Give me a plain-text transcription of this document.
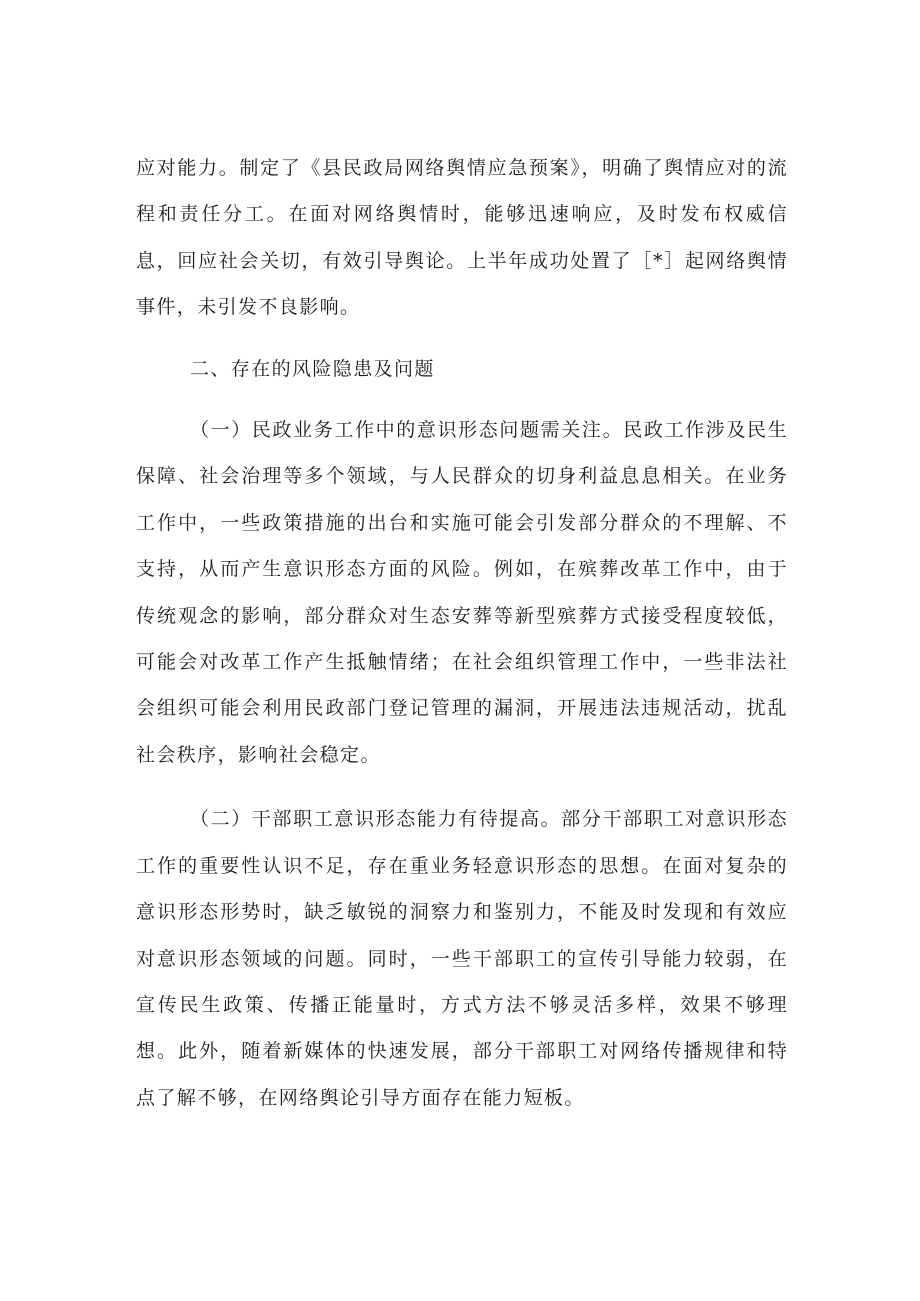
应对能力。制定了《县民政局网络舆情应急预案》，明确了舆情应对的流程和责任分工。在面对网络舆情时，能够迅速响应，及时发布权威信息，回应社会关切，有效引导舆论。上半年成功处置了［*］起网络舆情事件，未引发不良影响。

二、存在的风险隐患及问题

（一）民政业务工作中的意识形态问题需关注。民政工作涉及民生保障、社会治理等多个领域，与人民群众的切身利益息息相关。在业务工作中，一些政策措施的出台和实施可能会引发部分群众的不理解、不支持，从而产生意识形态方面的风险。例如，在殡葬改革工作中，由于传统观念的影响，部分群众对生态安葬等新型殡葬方式接受程度较低，可能会对改革工作产生抵触情绪；在社会组织管理工作中，一些非法社会组织可能会利用民政部门登记管理的漏洞，开展违法违规活动，扰乱社会秩序，影响社会稳定。

（二）干部职工意识形态能力有待提高。部分干部职工对意识形态工作的重要性认识不足，存在重业务轻意识形态的思想。在面对复杂的意识形态形势时，缺乏敏锐的洞察力和鉴别力，不能及时发现和有效应对意识形态领域的问题。同时，一些干部职工的宣传引导能力较弱，在宣传民生政策、传播正能量时，方式方法不够灵活多样，效果不够理想。此外，随着新媒体的快速发展，部分干部职工对网络传播规律和特点了解不够，在网络舆论引导方面存在能力短板。
